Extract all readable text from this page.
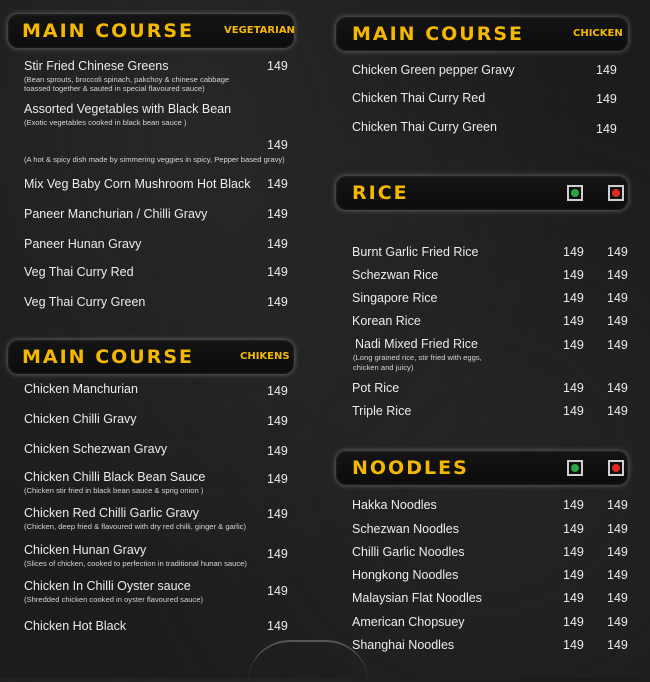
MAIN COURSE	VEGETARIAN
Stir Fried Chinese Greens
(Bean sprouts, broccoli spinach, pakchoy & chinese cabbage
toassed together & sauted in special flavoured sauce)
149
Assorted Vegetables with Black Bean
(Exotic vegetables cooked in black bean sauce )
149
(A hot & spicy dish made by simmering veggies in spicy, Pepper based gravy)
Mix Veg Baby Corn Mushroom Hot Black 149
Paneer Manchurian / Chilli Gravy	149
Paneer Hunan Gravy	149
Veg Thai Curry Red	149
Veg Thai Curry Green	149
MAIN COURSE	CHIKENS
Chicken Manchurian	149
Chicken Chilli Gravy	149
Chicken Schezwan Gravy	149
Chicken Chilli Black Bean Sauce
(Chicken stir fried in black bean sauce & sprig onion )
149
Chicken Red Chilli Garlic Gravy
(Chicken, deep fried & flavoured with dry red chilli, ginger & garlic)
149
Chicken Hunan Gravy
(Slices of chicken, cooked to perfection in traditional hunan sauce)
149
Chicken In Chilli Oyster sauce
(Shredded chicken cooked in oyster flavoured sauce)
149
Chicken Hot Black	149
MAIN COURSE	CHICKEN
Chicken Green pepper Gravy	149
Chicken Thai Curry Red	149
Chicken Thai Curry Green	149
RICE
Burnt Garlic Fried Rice	149 149
Schezwan Rice	149 149
Singapore Rice	149 149
Korean Rice	149 149
Nadi Mixed Fried Rice
(Long grained rice, stir fried with eggs,
chicken and juicy)
149 149
Pot Rice	149 149
Triple Rice	149 149
NOODLES
Hakka Noodles	149 149
Schezwan Noodles	149 149
Chilli Garlic Noodles	149 149
Hongkong Noodles	149 149
Malaysian Flat Noodles	149 149
American Chopsuey	149 149
Shanghai Noodles	149 149
